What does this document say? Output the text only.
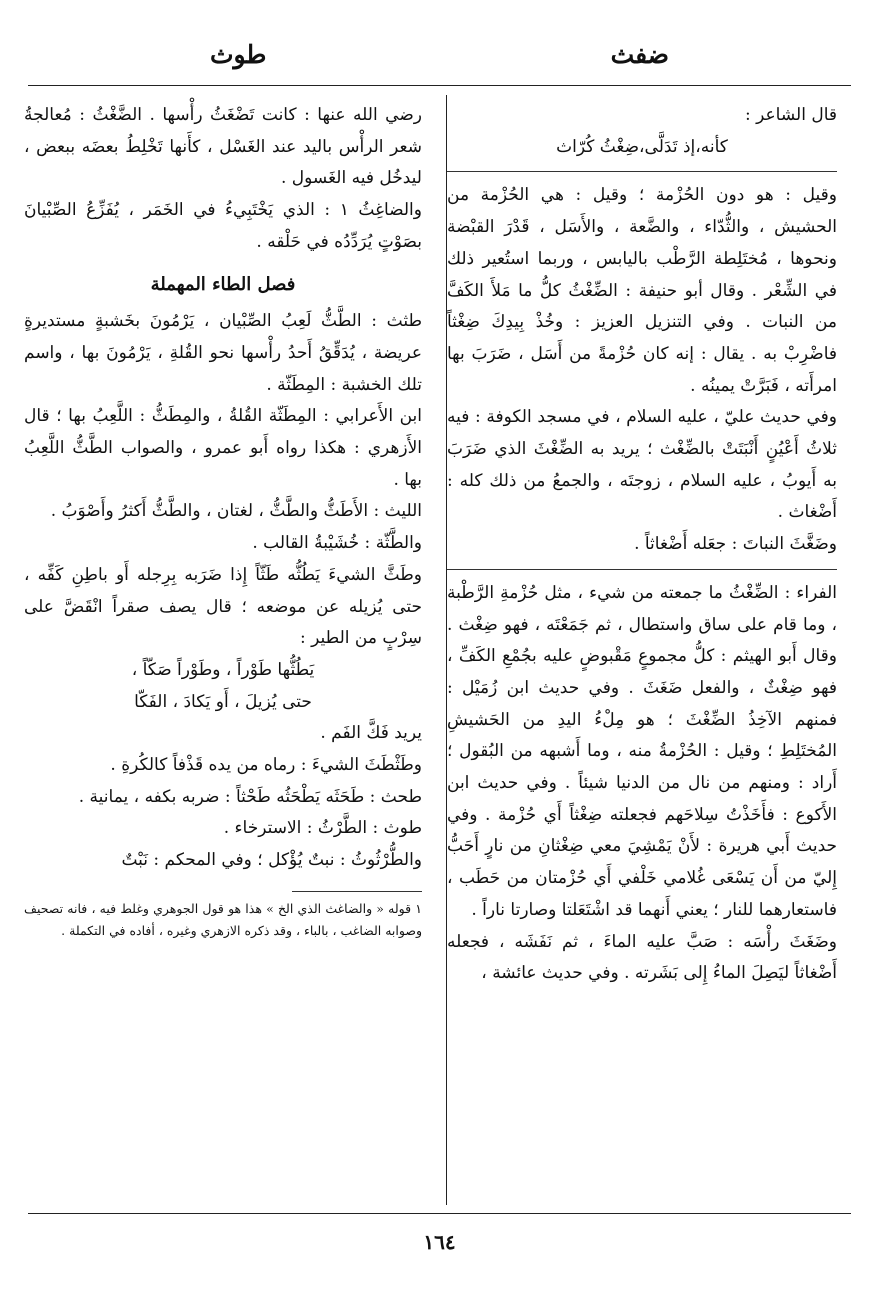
ضفث
طوث

قال الشاعر :

كأنه،إذ تَدَلَّى،ضِغْثُ كُرّاث

وقيل : هو دون الحُزْمة ؛ وقيل : هي الحُزْمة من الحشيش ، والثُّدّاء ، والضَّعة ، والأَسَل ، قَدْرَ القبْضة ونحوها ، مُختَلِطة الرَّطْب باليابس ، وربما استُعير ذلك في الشِّعْر . وقال أبو حنيفة : الضِّغْثُ كلُّ ما مَلأَ الكَفَّ من النبات . وفي التنزيل العزيز : وخُذْ بِيدِكَ ضِغْثاً فاضْرِبْ به . يقال : إنه كان حُزْمةً من أَسَل ، ضَرَبَ بها امرأَته ، فَبَرَّتْ يمينُه .

وفي حديث عليّ ، عليه السلام ، في مسجد الكوفة : فيه ثلاثُ أَعْيُنٍ أَنْبَتَتْ بالضِّغْث ؛ يريد به الضِّغْثَ الذي ضَرَبَ به أَيوبُ ، عليه السلام ، زوجتَه ، والجمعُ من ذلك كله : أَضْغاث .

وضَغَّثَ النباتَ : جعَله أَضْغاثاً .

الفراء : الضِّغْثُ ما جمعته من شيء ، مثل حُزْمةِ الرَّطْبة ، وما قام على ساق واستطال ، ثم جَمَعْتَه ، فهو ضِغْث . وقال أَبو الهيثم : كلُّ مجموعٍ مَقْبوضٍ عليه بجُمْعِ الكَفِّ ، فهو ضِغْثٌ ، والفعل ضَغَثَ . وفي حديث ابن زُمَيْل : فمنهم الآخِذُ الضِّغْثَ ؛ هو مِلْءُ اليدِ من الحَشيشِ المُختَلِطِ ؛ وقيل : الحُزْمةُ منه ، وما أَشبهه من البُقول ؛ أَراد : ومنهم من نال من الدنيا شيئاً . وفي حديث ابن الأَكوع : فأَخَذْتُ سِلاحَهم فجعلته ضِغْثاً أَي حُزْمة . وفي حديث أَبي هريرة : لأَنْ يَمْشِيَ معي ضِغْثانِ من نارٍ أَحَبُّ إِليّ من أَن يَسْعَى غُلامي خَلْفي أَي حُزْمتان من حَطَب ، فاستعارهما للنار ؛ يعني أَنهما قد اشْتَعَلتا وصارتا ناراً .

وضَغَثَ رأْسَه : صَبَّ عليه الماءَ ، ثم نَفَشَه ، فجعله أَضْغاثاً ليَصِلَ الماءُ إِلى بَشَرته . وفي حديث عائشة ،

رضي الله عنها : كانت تَضْغَثُ رأْسها . الضَّغْثُ : مُعالجةُ شعر الرأْس باليد عند الغَسْل ، كأَنها تَخْلِطُ بعضَه ببعض ، ليدخُل فيه الغَسول .

والضاغِثُ ١ : الذي يَخْتَبِيءُ في الخَمَر ، يُفَزِّعُ الصِّبْيانَ بصَوْتٍ يُرَدِّدُه في حَلْقه .

فصل الطاء المهملة

طثث : الطَّثُّ لَعِبُ الصِّبْيان ، يَرْمُونَ بخَشبةٍ مستديرةٍ عريضة ، يُدَقِّقُ أَحدُ رأْسها نحو القُلةِ ، يَرْمُونَ بها ، واسم تلك الخشبة : المِطَثّة .

ابن الأَعرابي : المِطَثّة القُلةُ ، والمِطَثُّ : اللَّعِبُ بها ؛ قال الأَزهري : هكذا رواه أَبو عمرو ، والصواب الطَّثُّ اللَّعِبُ بها .

الليث : الأَطَثُّ والطَّثُّ ، لغتان ، والطَّثُّ أَكثرُ وأَصْوَبُ .

والطَّثّة : خُشَيْبةُ القالب .

وطَثَّ الشيءَ يَطُثُّه طَثّاً إِذا ضَرَبه بِرِجله أَو باطِنِ كَفِّه ، حتى يُزيله عن موضعه ؛ قال يصف صقراً انْقَضَّ على سِرْبٍ من الطير :

يَطُثُّها طَوْراً ، وطَوْراً صَكّاً ،

حتى يُزيلَ ، أَو يَكادَ ، الفَكّا

يريد فَكَّ الفَم .

وطَثْطَثَ الشيءَ : رماه من يده قَذْفاً كالكُرةِ .

طحث : طَحَثَه يَطْحَثُه طَحْثاً : ضربه بكفه ، يمانية .

طوث : الطَّرْثُ : الاسترخاء .

والطُّرْثُوثُ : نبتٌ يُؤْكل ؛ وفي المحكم : نَبْتٌ

١ قوله « والضاغث الذي الخ » هذا هو قول الجوهري وغلط فيه ، فانه تصحيف وصوابه الضاغب ، بالباء ، وقد ذكره الازهري وغيره ، أفاده في التكملة .

١٦٤
